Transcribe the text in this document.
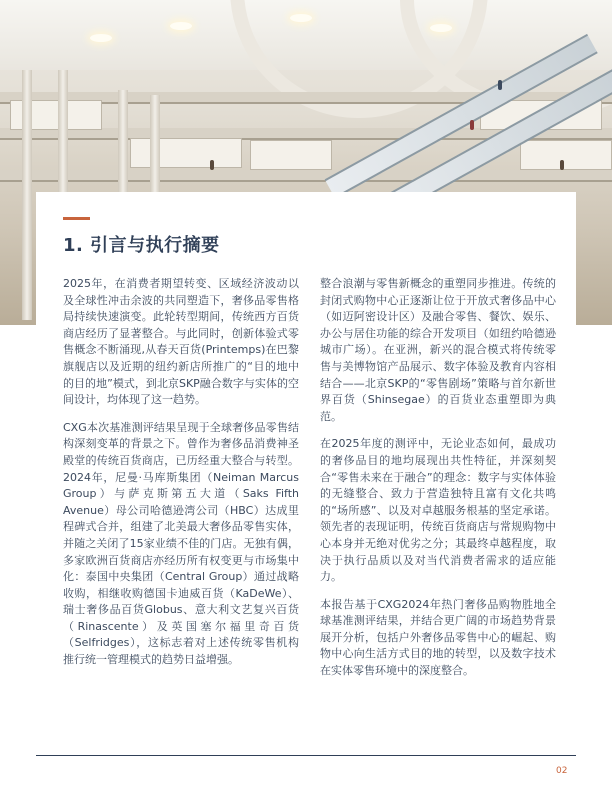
1. 引言与执行摘要

2025年，在消费者期望转变、区域经济波动以及全球性冲击余波的共同塑造下，奢侈品零售格局持续快速演变。此轮转型期间，传统西方百货商店经历了显著整合。与此同时，创新体验式零售概念不断涌现,从春天百货(Printemps)在巴黎旗舰店以及近期的纽约新店所推广的“目的地中的目的地”模式，到北京SKP融合数字与实体的空间设计，均体现了这一趋势。

CXG本次基准测评结果呈现于全球奢侈品零售结构深刻变革的背景之下。曾作为奢侈品消费神圣殿堂的传统百货商店，已历经重大整合与转型。2024年，尼曼·马库斯集团（Neiman Marcus Group）与萨克斯第五大道（Saks Fifth Avenue）母公司哈德逊湾公司（HBC）达成里程碑式合并，组建了北美最大奢侈品零售实体，并随之关闭了15家业绩不佳的门店。无独有偶，多家欧洲百货商店亦经历所有权变更与市场集中化：泰国中央集团（Central Group）通过战略收购，相继收购德国卡迪威百货（KaDeWe）、瑞士奢侈品百货Globus、意大利文艺复兴百货（Rinascente）及英国塞尔福里奇百货（Selfridges），这标志着对上述传统零售机构推行统一管理模式的趋势日益增强。

整合浪潮与零售新概念的重塑同步推进。传统的封闭式购物中心正逐渐让位于开放式奢侈品中心（如迈阿密设计区）及融合零售、餐饮、娱乐、办公与居住功能的综合开发项目（如纽约哈德逊城市广场）。在亚洲，新兴的混合模式将传统零售与美博物馆产品展示、数字体验及教育内容相结合——北京SKP的“零售剧场”策略与首尔新世界百货（Shinsegae）的百货业态重塑即为典范。

在2025年度的测评中，无论业态如何，最成功的奢侈品目的地均展现出共性特征，并深刻契合“零售未来在于融合”的理念：数字与实体体验的无缝整合、致力于营造独特且富有文化共鸣的“场所感”、以及对卓越服务根基的坚定承诺。领先者的表现证明，传统百货商店与常规购物中心本身并无绝对优劣之分；其最终卓越程度，取决于执行品质以及对当代消费者需求的适应能力。

本报告基于CXG2024年热门奢侈品购物胜地全球基准测评结果，并结合更广阔的市场趋势背景展开分析，包括户外奢侈品零售中心的崛起、购物中心向生活方式目的地的转型，以及数字技术在实体零售环境中的深度整合。

02
